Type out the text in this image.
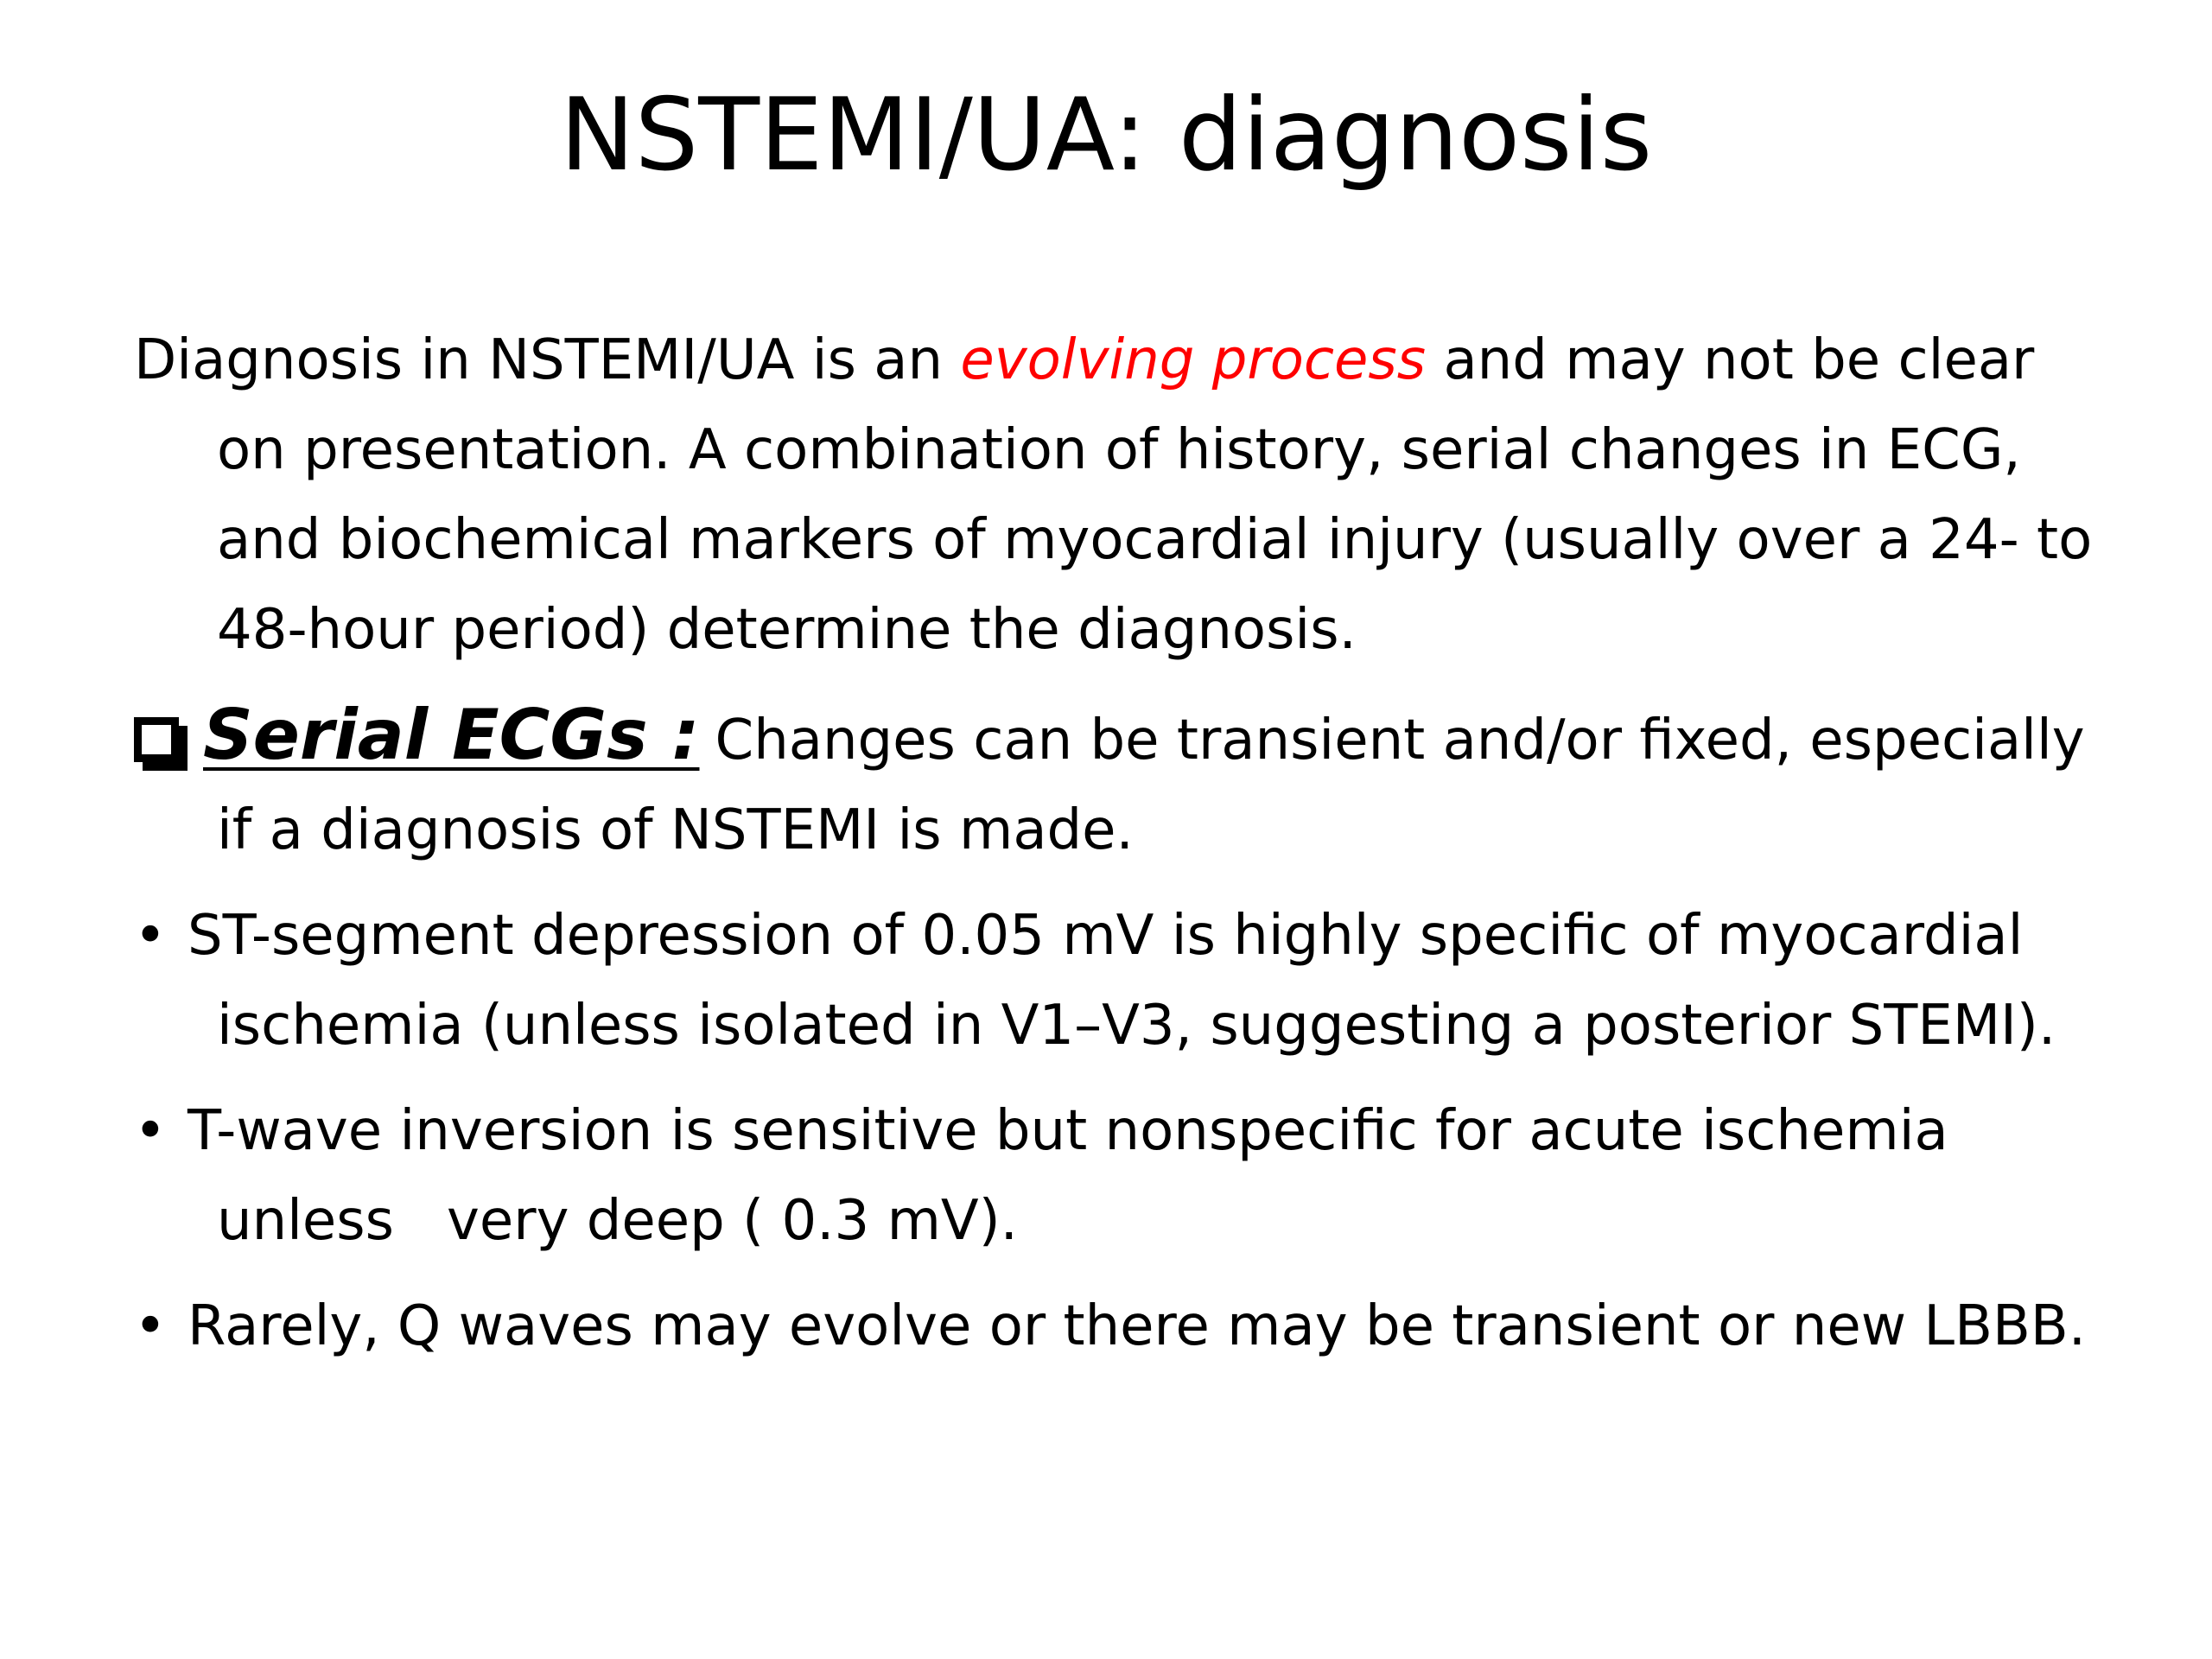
NSTEMI/UA: diagnosis

Diagnosis in NSTEMI/UA is an evolving process and may not be clear on presentation. A combination of history, serial changes in ECG, and biochemical markers of myocardial injury (usually over a 24- to 48-hour period) determine the diagnosis.

Serial ECGs : Changes can be transient and/or fixed, especially if a diagnosis of NSTEMI is made.

• ST-segment depression of 0.05 mV is highly specific of myocardial ischemia (unless isolated in V1–V3, suggesting a posterior STEMI).

• T-wave inversion is sensitive but nonspecific for acute ischemia unless   very deep ( 0.3 mV).

• Rarely, Q waves may evolve or there may be transient or new LBBB.
